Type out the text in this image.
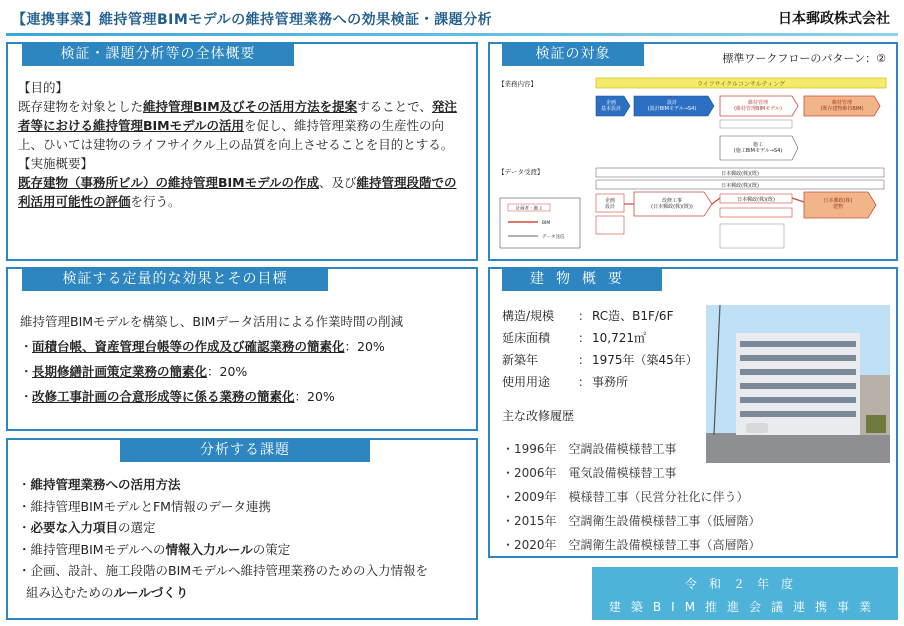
【連携事業】維持管理BIMモデルの維持管理業務への効果検証・課題分析	日本郵政株式会社
検証・課題分析等の全体概要
【目的】
既存建物を対象とした維持管理BIM及びその活用方法を提案することで、発注者等における維持管理BIMモデルの活用を促し、維持管理業務の生産性の向上、ひいては建物のライフサイクル上の品質を向上させることを目的とする。
【実施概要】
既存建物（事務所ビル）の維持管理BIMモデルの作成、及び維持管理段階での利活用可能性の評価を行う。
検証の対象	標準ワークフローのパターン：②
【業務内容】	ライフサイクルコンサルティング
企画基本設計
設計(設計BIMモデル→S4)
維持管理(維持管理BIMモデル)
維持管理(既存建物維持BIM)
施工(施工BIMモデル→S4)
【データ受渡】	日本郵政(株)(既)
日本郵政(株)(既)
企画設計
改修工事(日本郵政(株)(既))
日本郵政(株)(既)	日本郵政(株)建物
計画者・施工
BIM
データ送信
検証する定量的な効果とその目標
維持管理BIMモデルを構築し、BIMデータ活用による作業時間の削減
・ 面積台帳、資産管理台帳等の作成及び確認業務の簡素化 ：20%
・ 長期修繕計画策定業務の簡素化 ：20%
・ 改修工事計画の合意形成等に係る業務の簡素化 ：20%
分析する課題
・維持管理業務への活用方法
・維持管理BIMモデルとFM情報のデータ連携
・必要な入力項目の選定
・維持管理BIMモデルへの情報入力ルールの策定
・企画、設計、施工段階のBIMモデルへ維持管理業務のための入力情報を
組み込むためのルールづくり
建物概要
構造/規模	： RC造、B1F/6F
延床面積	： 10,721㎡
新築年	： 1975年（築45年）
使用用途	： 事務所
主な改修履歴
・1996年　空調設備模様替工事
・2006年　電気設備模様替工事
・2009年　模様替工事（民営分社化に伴う）
・2015年　空調衛生設備模様替工事（低層階）
・2020年　空調衛生設備模様替工事（高層階）
令和２年度
建築BIM推進会議連携事業
